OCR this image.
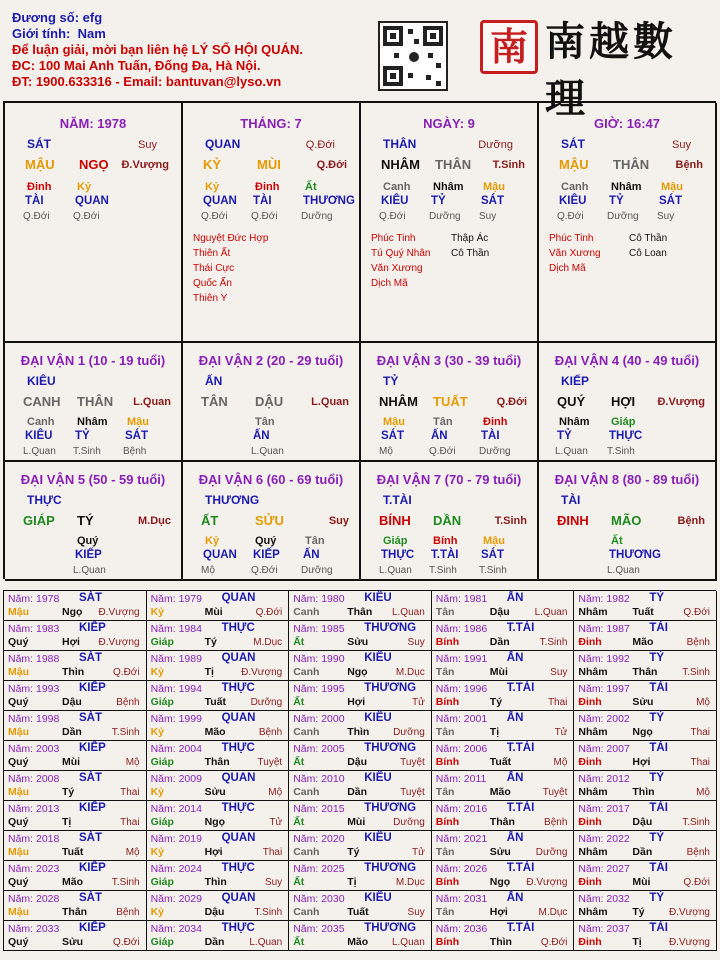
Đương số: efg
Giới tính: Nam
Để luận giải, mời bạn liên hệ LÝ SỐ HỘI QUÁN.
ĐC: 100 Mai Anh Tuấn, Đống Đa, Hà Nội.
ĐT: 1900.633316 - Email: bantuvan@lyso.vn
南 南越數理
NĂM: 1978
SÁT	Suy
MẬU NGỌ Đ.Vượng
Đinh
TÀI
Q.Đới
Kỷ
QUAN
Q.Đới
THÁNG: 7
QUAN	Q.Đới
KỶ	MÙI	Q.Đới
Kỷ
QUAN
Q.Đới
Đinh
TÀI
Q.Đới
Ất
THƯƠNG
Dưỡng
Nguyệt Đức Hợp
Thiên Ất
Thái Cực
Quốc Ấn
Thiên Y
NGÀY: 9
THÂN	Dưỡng
NHÂM THÂN T.Sinh
Canh
KIÊU
Q.Đới
Nhâm
TỶ
Dưỡng
Mậu
SÁT
Suy
Phúc Tinh
Tú Quý Nhân
Văn Xương
Dịch Mã
Thập Ác
Cô Thần
GIỜ: 16:47
SÁT	Suy
MẬU THÂN Bệnh
Canh
KIÊU
Q.Đới
Nhâm
TỶ
Dưỡng
Mậu
SÁT
Suy
Phúc Tinh
Văn Xương
Dịch Mã
Cô Thần
Cô Loan
ĐẠI VẬN 1 (10 - 19 tuổi)
KIÊU
CANH THÂN L.Quan
Canh
KIÊU
L.Quan
Nhâm
TỶ
T.Sinh
Mậu
SÁT
Bệnh
ĐẠI VẬN 2 (20 - 29 tuổi)
ẤN
TÂN DẬU	L.Quan
Tân
ẤN
L.Quan
ĐẠI VẬN 3 (30 - 39 tuổi)
TỶ
NHÂM TUẤT	Q.Đới
Mậu
SÁT
Mộ
Tân
ẤN
Q.Đới
Đinh
TÀI
Dưỡng
ĐẠI VẬN 4 (40 - 49 tuổi)
KIẾP
QUÝ HỢI Đ.Vượng
Nhâm
TỶ
L.Quan
Giáp
THỰC
T.Sinh
ĐẠI VẬN 5 (50 - 59 tuổi)
THỰC
GIÁP TÝ	M.Dục
Quý
KIẾP
L.Quan
ĐẠI VẬN 6 (60 - 69 tuổi)
THƯƠNG
ẤT	SỬU	Suy
Kỷ
QUAN
Mộ
Quý
KIẾP
Q.Đới
Tân
ẤN
Dưỡng
ĐẠI VẬN 7 (70 - 79 tuổi)
T.TÀI
BÍNH DẦN	T.Sinh
Giáp
THỰC
L.Quan
Bính
T.TÀI
T.Sinh
Mậu
SÁT
T.Sinh
ĐẠI VẬN 8 (80 - 89 tuổi)
TÀI
ĐINH MÃO	Bệnh
Ất
THƯƠNG
L.Quan
Năm: 1978 SÁT
Mậu	Ngọ Đ.Vượng
Năm: 1979 QUAN
Kỷ	Mùi	Q.Đới
Năm: 1980 KIÊU
Canh	Thân L.Quan
Năm: 1981 ẤN
Tân	Dậu L.Quan
Năm: 1982 TỶ
Nhâm Tuất	Q.Đới
Năm: 1983 KIẾP
Quý	Hợi Đ.Vượng
Năm: 1984 THỰC
Giáp	Tý	M.Dục
Năm: 1985 THƯƠNG
Ất	Sửu	Suy
Năm: 1986 T.TÀI
Bính	Dần	T.Sinh
Năm: 1987 TÀI
Đinh	Mão	Bệnh
Năm: 1988 SÁT
Mậu	Thìn	Q.Đới
Năm: 1989 QUAN
Kỷ	Tị	Đ.Vượng
Năm: 1990 KIÊU
Canh	Ngọ	M.Dục
Năm: 1991 ẤN
Tân	Mùi	Suy
Năm: 1992 TỶ
Nhâm Thân T.Sinh
Năm: 1993 KIẾP
Quý	Dậu	Bệnh
Năm: 1994 THỰC
Giáp	Tuất Dưỡng
Năm: 1995 THƯƠNG
Ất	Hợi	Tử
Năm: 1996 T.TÀI
Bính	Tý	Thai
Năm: 1997 TÀI
Đinh	Sửu	Mộ
Năm: 1998 SÁT
Mậu	Dần	T.Sinh
Năm: 1999 QUAN
Kỷ	Mão	Bệnh
Năm: 2000 KIÊU
Canh	Thìn Dưỡng
Năm: 2001 ẤN
Tân	Tị	Tử
Năm: 2002 TỶ
Nhâm Ngọ	Thai
Năm: 2003 KIẾP
Quý	Mùi	Mộ
Năm: 2004 THỰC
Giáp	Thân	Tuyệt
Năm: 2005 THƯƠNG
Ất	Dậu	Tuyệt
Năm: 2006 T.TÀI
Bính	Tuất	Mộ
Năm: 2007 TÀI
Đinh	Hợi	Thai
Năm: 2008 SÁT
Mậu	Tý	Thai
Năm: 2009 QUAN
Kỷ	Sửu	Mộ
Năm: 2010 KIÊU
Canh	Dần	Tuyệt
Năm: 2011 ẤN
Tân	Mão	Tuyệt
Năm: 2012 TỶ
Nhâm Thìn	Mộ
Năm: 2013 KIẾP
Quý	Tị	Thai
Năm: 2014 THỰC
Giáp	Ngọ	Tử
Năm: 2015 THƯƠNG
Ất	Mùi	Dưỡng
Năm: 2016 T.TÀI
Bính	Thân	Bệnh
Năm: 2017 TÀI
Đinh	Dậu	T.Sinh
Năm: 2018 SÁT
Mậu	Tuất	Mộ
Năm: 2019 QUAN
Kỷ	Hợi	Thai
Năm: 2020 KIÊU
Canh	Tý	Tử
Năm: 2021 ẤN
Tân	Sửu Dưỡng
Năm: 2022 TỶ
Nhâm Dần	Bệnh
Năm: 2023 KIẾP
Quý	Mão	T.Sinh
Năm: 2024 THỰC
Giáp	Thìn	Suy
Năm: 2025 THƯƠNG
Ất	Tị	M.Dục
Năm: 2026 T.TÀI
Bính	Ngọ Đ.Vượng
Năm: 2027 TÀI
Đinh	Mùi	Q.Đới
Năm: 2028 SÁT
Mậu	Thân	Bệnh
Năm: 2029 QUAN
Kỷ	Dậu	T.Sinh
Năm: 2030 KIÊU
Canh	Tuất	Suy
Năm: 2031 ẤN
Tân	Hợi	M.Dục
Năm: 2032 TỶ
Nhâm Tý Đ.Vượng
Năm: 2033 KIẾP
Quý	Sửu	Q.Đới
Năm: 2034 THỰC
Giáp	Dần L.Quan
Năm: 2035 THƯƠNG
Ất	Mão L.Quan
Năm: 2036 T.TÀI
Bính	Thìn	Q.Đới
Năm: 2037 TÀI
Đinh	Tị	Đ.Vượng
